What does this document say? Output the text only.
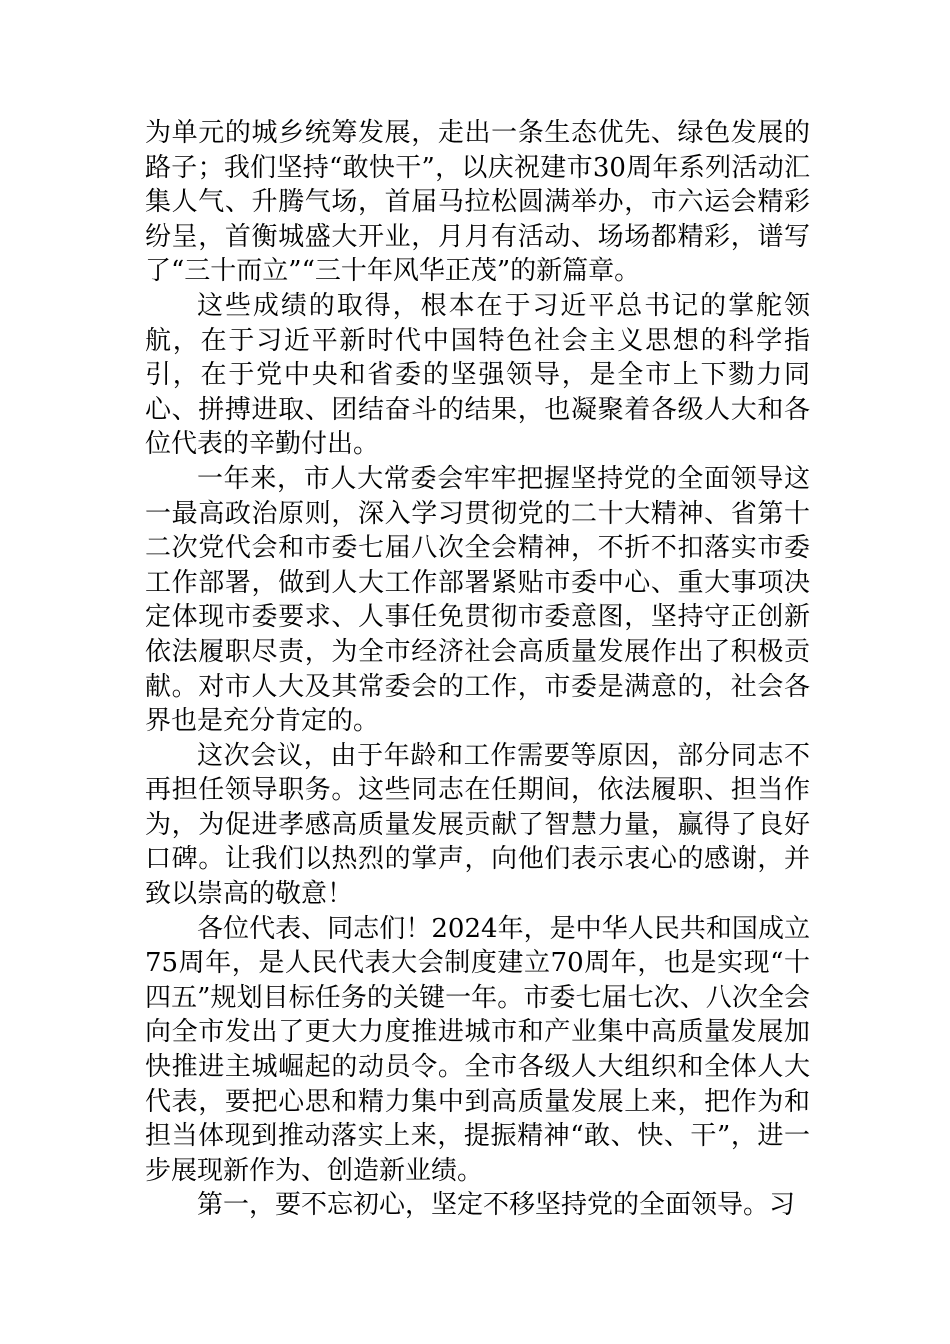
为单元的城乡统筹发展，走出一条生态优先、绿色发展的路子；我们坚持“敢快干”，以庆祝建市30周年系列活动汇集人气、升腾气场，首届马拉松圆满举办，市六运会精彩纷呈，首衡城盛大开业，月月有活动、场场都精彩，谱写了“三十而立”“三十年风华正茂”的新篇章。

这些成绩的取得，根本在于习近平总书记的掌舵领航，在于习近平新时代中国特色社会主义思想的科学指引，在于党中央和省委的坚强领导，是全市上下勠力同心、拼搏进取、团结奋斗的结果，也凝聚着各级人大和各位代表的辛勤付出。

一年来，市人大常委会牢牢把握坚持党的全面领导这一最高政治原则，深入学习贯彻党的二十大精神、省第十二次党代会和市委七届八次全会精神，不折不扣落实市委工作部署，做到人大工作部署紧贴市委中心、重大事项决定体现市委要求、人事任免贯彻市委意图，坚持守正创新依法履职尽责，为全市经济社会高质量发展作出了积极贡献。对市人大及其常委会的工作，市委是满意的，社会各界也是充分肯定的。

这次会议，由于年龄和工作需要等原因，部分同志不再担任领导职务。这些同志在任期间，依法履职、担当作为，为促进孝感高质量发展贡献了智慧力量，赢得了良好口碑。让我们以热烈的掌声，向他们表示衷心的感谢，并致以崇高的敬意！

各位代表、同志们！2024年，是中华人民共和国成立75周年，是人民代表大会制度建立70周年，也是实现“十四五”规划目标任务的关键一年。市委七届七次、八次全会向全市发出了更大力度推进城市和产业集中高质量发展加快推进主城崛起的动员令。全市各级人大组织和全体人大代表，要把心思和精力集中到高质量发展上来，把作为和担当体现到推动落实上来，提振精神“敢、快、干”，进一步展现新作为、创造新业绩。

第一，要不忘初心，坚定不移坚持党的全面领导。习
